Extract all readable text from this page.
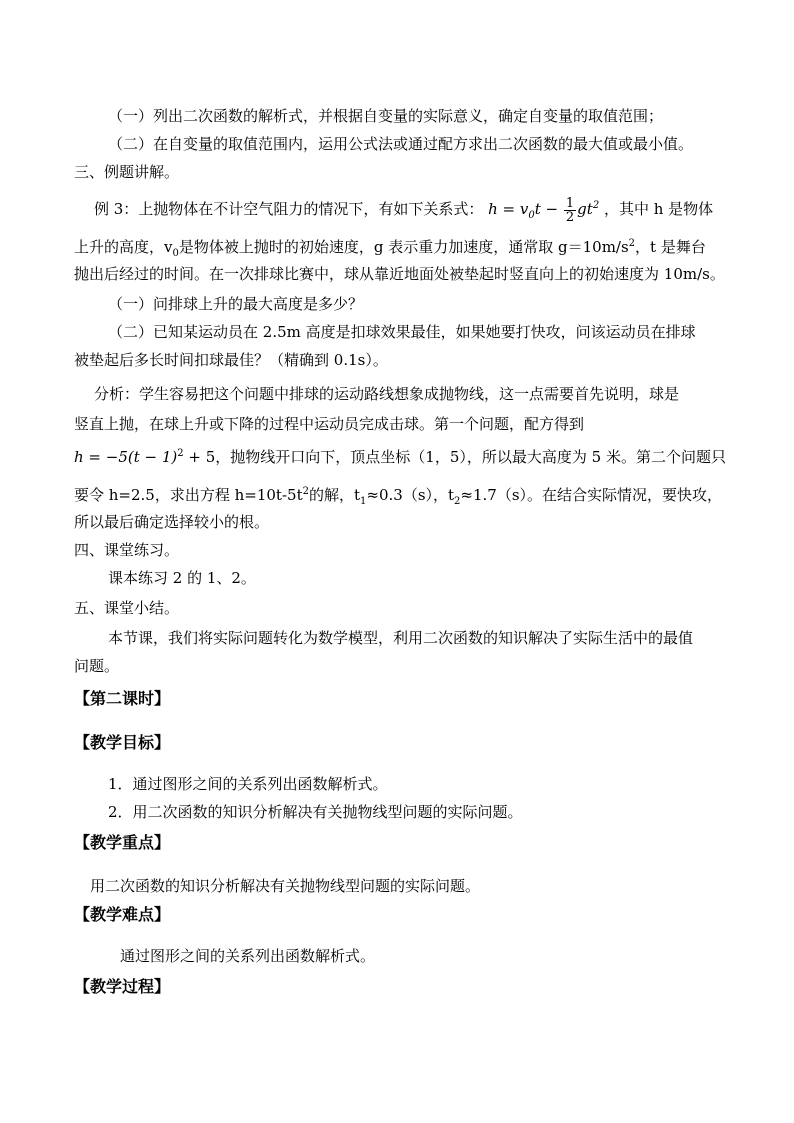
（一）列出二次函数的解析式，并根据自变量的实际意义，确定自变量的取值范围；
（二）在自变量的取值范围内，运用公式法或通过配方求出二次函数的最大值或最小值。
三、例题讲解。
例 3：上抛物体在不计空气阻力的情况下，有如下关系式： $h = v_0t - \frac{1}{2} gt^2$ ，其中 h 是物体
上升的高度，$v_0$是物体被上抛时的初始速度，g 表示重力加速度，通常取 $g=10m/s^2$，t 是舞台
抛出后经过的时间。在一次排球比赛中，球从靠近地面处被垫起时竖直向上的初始速度为 10m/s。
（一）问排球上升的最大高度是多少？
（二）已知某运动员在 2.5m 高度是扣球效果最佳，如果她要打快攻，问该运动员在排球
被垫起后多长时间扣球最佳？（精确到 0.1s）。
分析：学生容易把这个问题中排球的运动路线想象成抛物线，这一点需要首先说明，球是
竖直上抛，在球上升或下降的过程中运动员完成击球。第一个问题，配方得到
$h = -5(t - 1)^2 + 5$，抛物线开口向下，顶点坐标（1，5），所以最大高度为 5 米。第二个问题只
要令 h=2.5，求出方程 $h=10t-5t^2$的解，$t_1\approx 0.3(s)$，$t_2\approx 1.7(s)$。在结合实际情况，要快攻，
所以最后确定选择较小的根。
四、课堂练习。
课本练习 2 的 1、2。
五、课堂小结。
本节课，我们将实际问题转化为数学模型，利用二次函数的知识解决了实际生活中的最值
问题。
【第二课时】
【教学目标】
1．通过图形之间的关系列出函数解析式。
2．用二次函数的知识分析解决有关抛物线型问题的实际问题。
【教学重点】
用二次函数的知识分析解决有关抛物线型问题的实际问题。
【教学难点】
通过图形之间的关系列出函数解析式。
【教学过程】
